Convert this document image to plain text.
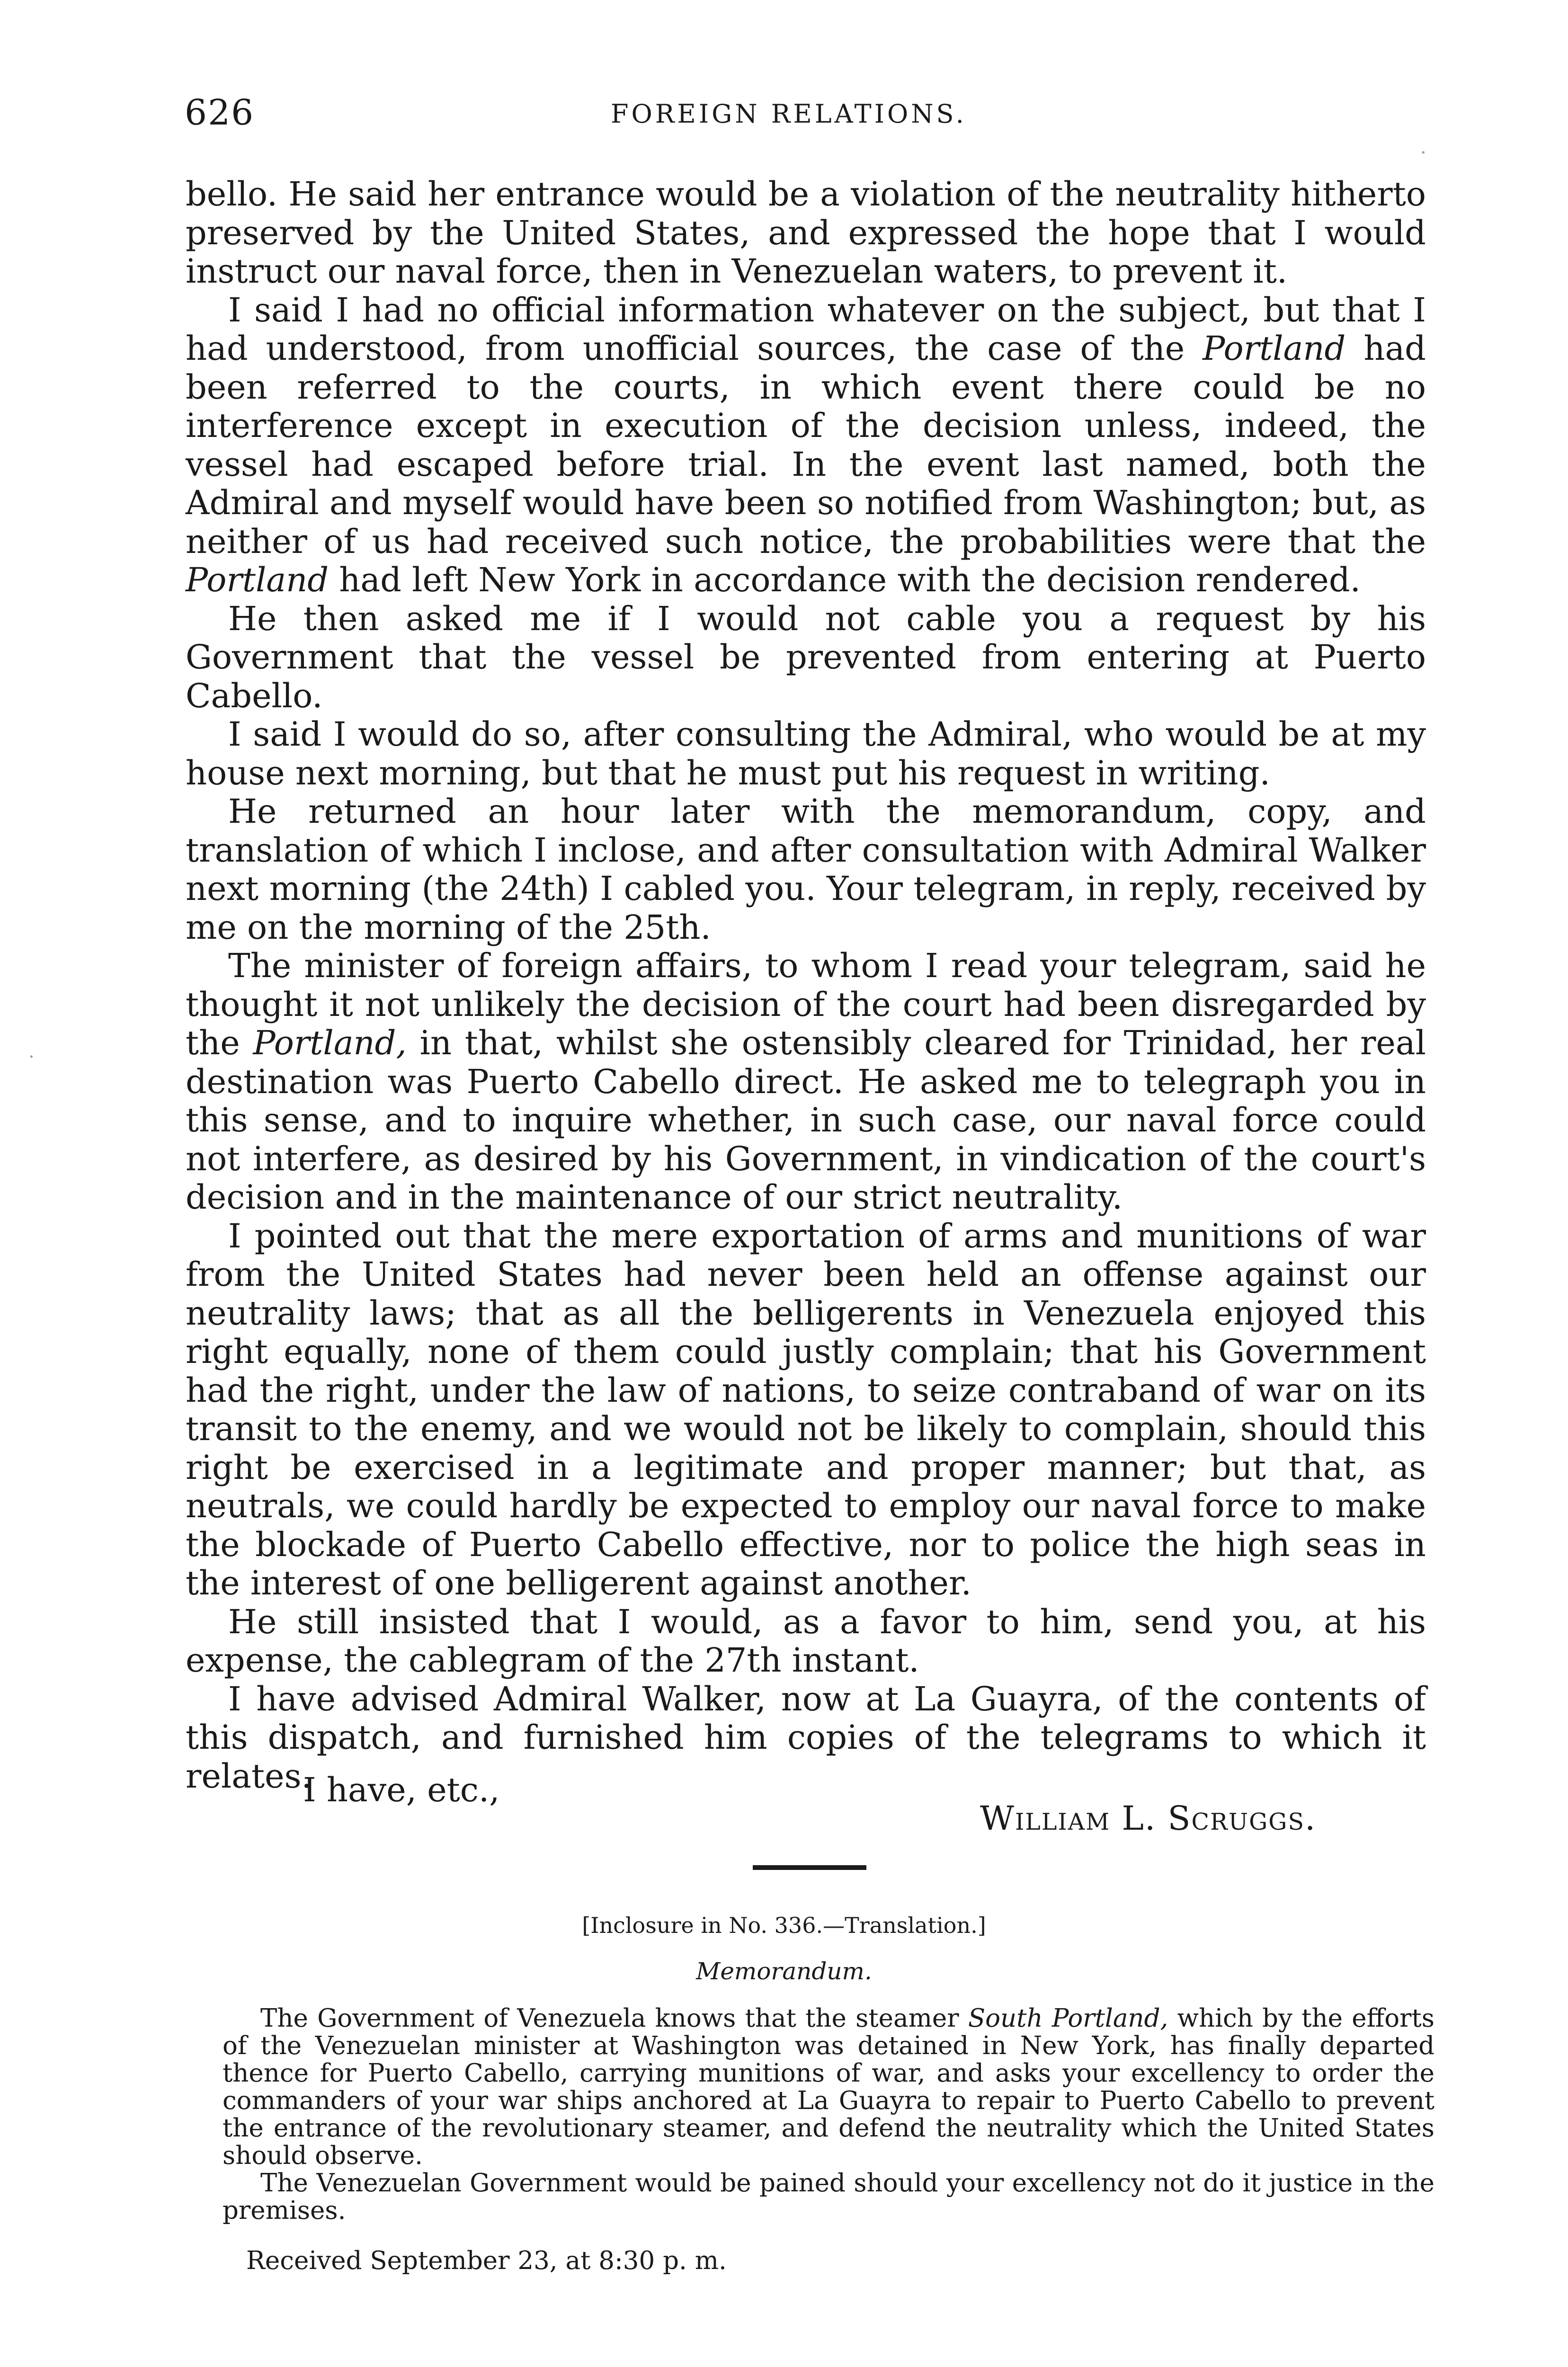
626	FOREIGN RELATIONS.

bello. He said her entrance would be a violation of the neutrality hitherto preserved by the United States, and expressed the hope that I would instruct our naval force, then in Venezuelan waters, to prevent it.

I said I had no official information whatever on the subject, but that I had understood, from unofficial sources, the case of the Portland had been referred to the courts, in which event there could be no interference except in execution of the decision unless, indeed, the vessel had escaped before trial. In the event last named, both the Admiral and myself would have been so notified from Washington; but, as neither of us had received such notice, the probabilities were that the Portland had left New York in accordance with the decision rendered.

He then asked me if I would not cable you a request by his Government that the vessel be prevented from entering at Puerto Cabello.

I said I would do so, after consulting the Admiral, who would be at my house next morning, but that he must put his request in writing.

He returned an hour later with the memorandum, copy, and translation of which I inclose, and after consultation with Admiral Walker next morning (the 24th) I cabled you. Your telegram, in reply, received by me on the morning of the 25th.

The minister of foreign affairs, to whom I read your telegram, said he thought it not unlikely the decision of the court had been disregarded by the Portland, in that, whilst she ostensibly cleared for Trinidad, her real destination was Puerto Cabello direct. He asked me to telegraph you in this sense, and to inquire whether, in such case, our naval force could not interfere, as desired by his Government, in vindication of the court's decision and in the maintenance of our strict neutrality.

I pointed out that the mere exportation of arms and munitions of war from the United States had never been held an offense against our neutrality laws; that as all the belligerents in Venezuela enjoyed this right equally, none of them could justly complain; that his Government had the right, under the law of nations, to seize contraband of war on its transit to the enemy, and we would not be likely to complain, should this right be exercised in a legitimate and proper manner; but that, as neutrals, we could hardly be expected to employ our naval force to make the blockade of Puerto Cabello effective, nor to police the high seas in the interest of one belligerent against another.

He still insisted that I would, as a favor to him, send you, at his expense, the cablegram of the 27th instant.

I have advised Admiral Walker, now at La Guayra, of the contents of this dispatch, and furnished him copies of the telegrams to which it relates.

I have, etc.,
William L. Scruggs.
[Inclosure in No. 336.—Translation.]
Memorandum.

The Government of Venezuela knows that the steamer South Portland, which by the efforts of the Venezuelan minister at Washington was detained in New York, has finally departed thence for Puerto Cabello, carrying munitions of war, and asks your excellency to order the commanders of your war ships anchored at La Guayra to repair to Puerto Cabello to prevent the entrance of the revolutionary steamer, and defend the neutrality which the United States should observe.

The Venezuelan Government would be pained should your excellency not do it justice in the premises.

Received September 23, at 8:30 p. m.
·
·
